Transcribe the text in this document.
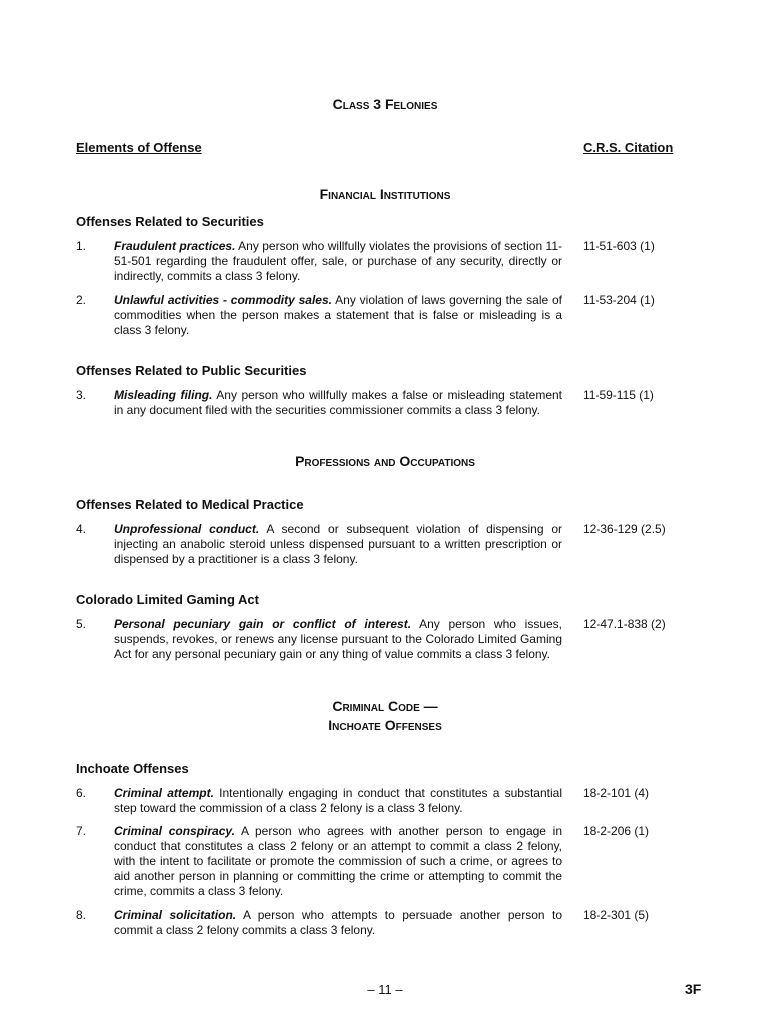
Class 3 Felonies
Elements of Offense	C.R.S. Citation
Financial Institutions
Offenses Related to Securities
1. Fraudulent practices. Any person who willfully violates the provisions of section 11-51-501 regarding the fraudulent offer, sale, or purchase of any security, directly or indirectly, commits a class 3 felony.
11-51-603 (1)
2. Unlawful activities - commodity sales. Any violation of laws governing the sale of commodities when the person makes a statement that is false or misleading is a class 3 felony.
11-53-204 (1)
Offenses Related to Public Securities
3. Misleading filing. Any person who willfully makes a false or misleading statement in any document filed with the securities commissioner commits a class 3 felony.
11-59-115 (1)
Professions and Occupations
Offenses Related to Medical Practice
4. Unprofessional conduct. A second or subsequent violation of dispensing or injecting an anabolic steroid unless dispensed pursuant to a written prescription or dispensed by a practitioner is a class 3 felony.
12-36-129 (2.5)
Colorado Limited Gaming Act
5. Personal pecuniary gain or conflict of interest. Any person who issues, suspends, revokes, or renews any license pursuant to the Colorado Limited Gaming Act for any personal pecuniary gain or any thing of value commits a class 3 felony.
12-47.1-838 (2)
Criminal Code —
Inchoate Offenses
Inchoate Offenses
6. Criminal attempt. Intentionally engaging in conduct that constitutes a substantial step toward the commission of a class 2 felony is a class 3 felony.
18-2-101 (4)
7. Criminal conspiracy. A person who agrees with another person to engage in conduct that constitutes a class 2 felony or an attempt to commit a class 2 felony, with the intent to facilitate or promote the commission of such a crime, or agrees to aid another person in planning or committing the crime or attempting to commit the crime, commits a class 3 felony.
18-2-206 (1)
8. Criminal solicitation. A person who attempts to persuade another person to commit a class 2 felony commits a class 3 felony.
18-2-301 (5)
– 11 –	3F
